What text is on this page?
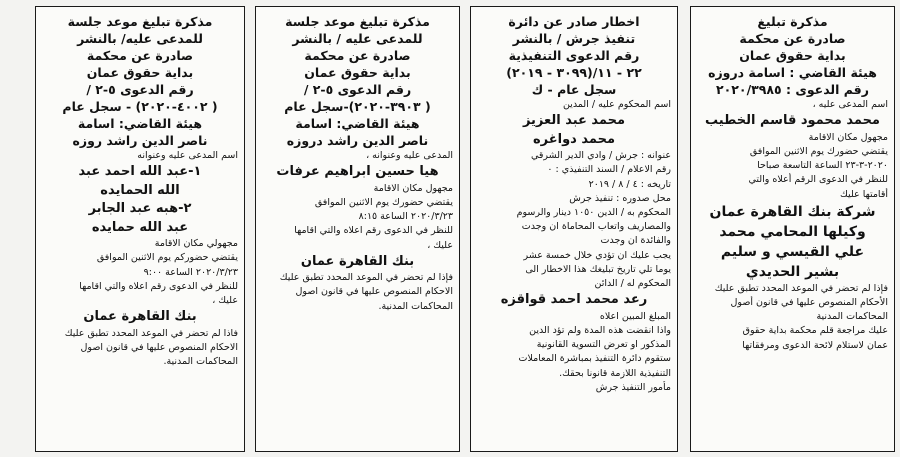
مذكرة تبليغ
صادرة عن محكمة
بداية حقوق عمان
هيئة القاضي : اسامة دروزه
رقم الدعوى : ٢٠٢٠/٣٩٨٥
اسم المدعى عليه ،
محمد محمود قاسم الخطيب
مجهول مكان الاقامة
يقتضي حضورك يوم الاثنين الموافق
٢٠٢٠-٣-٢٣ الساعة التاسعة صباحا
للنظر في الدعوى الرقم أعلاه والتي
أقامتها عليك
شركة بنك القاهرة عمان
وكيلها المحامي محمد
علي القيسي و سليم
بشير الحديدي
فإذا لم تحضر في الموعد المحدد تطبق عليك
الأحكام المنصوص عليها في قانون أصول
المحاكمات المدنية
عليك مراجعة قلم محكمة بداية حقوق
عمان لاستلام لائحة الدعوى ومرفقاتها
اخطار صادر عن دائرة
تنفيذ جرش / بالنشر
رقم الدعوى التنفيذية
٢٢ - ١١/(٣٠٩٩ - ٢٠١٩)
سجل عام - ك
اسم المحكوم عليه / المدين
محمد عبد العزيز
محمد دواغره
عنوانه : جرش / وادي الدير الشرقي
رقم الاعلام / السند التنفيذي : ٠
تاريخه : ٤ / ٨ / ٢٠١٩
محل صدوره : تنفيذ جرش
المحكوم به / الدين ١٠٥٠ دينار والرسوم
والمصاريف واتعاب المحاماة ان وجدت
والفائدة ان وجدت
يجب عليك ان تؤدي خلال خمسة عشر
يوما تلي تاريخ تبليغك هذا الاخطار الى
المحكوم له / الدائن
رعد محمد احمد قواقزه
المبلغ المبين اعلاه
واذا انقضت هذه المدة ولم تؤد الدين
المذكور او تعرض التسوية القانونية
ستقوم دائرة التنفيذ بمباشرة المعاملات
التنفيذية اللازمة قانونا بحقك.
مأمور التنفيذ جرش
مذكرة تبليغ موعد جلسة
للمدعى عليه / بالنشر
صادرة عن محكمة
بداية حقوق عمان
رقم الدعوى ٥-٢ /
( ٣٩٠٣-٢٠٢٠)-سجل عام
هيئة القاضي: اسامة
ناصر الدين راشد دروزه
المدعى عليه وعنوانه ،
هيا حسين ابراهيم عرفات
مجهول مكان الاقامة
يقتضي حضورك يوم الاثنين الموافق
٢٠٢٠/٣/٢٣ الساعة ٨:١٥
للنظر في الدعوى رقم اعلاه والتي اقامها
عليك ،
بنك القاهرة عمان
فإذا لم تحضر في الموعد المحدد تطبق عليك
الاحكام المنصوص عليها في قانون اصول
المحاكمات المدنية.
مذكرة تبليغ موعد جلسة
للمدعى عليه/ بالنشر
صادرة عن محكمة
بداية حقوق عمان
رقم الدعوى ٥-٢ /
( ٤٠٠٢-٢٠٢٠) - سجل عام
هيئة القاضي: اسامة
ناصر الدين راشد روزه
اسم المدعى عليه وعنوانه
١-عبد الله احمد عبد
الله الحمايده
٢-هبه عبد الجابر
عبد الله حمايده
مجهولي مكان الاقامة
يقتضي حضوركم يوم الاثنين الموافق
٢٠٢٠/٣/٢٣ الساعة ٩:٠٠
للنظر في الدعوى رقم اعلاه والتي اقامها
عليك ،
بنك القاهرة عمان
فاذا لم تحضر في الموعد المحدد تطبق عليك
الاحكام المنصوص عليها في قانون اصول
المحاكمات المدنية.
